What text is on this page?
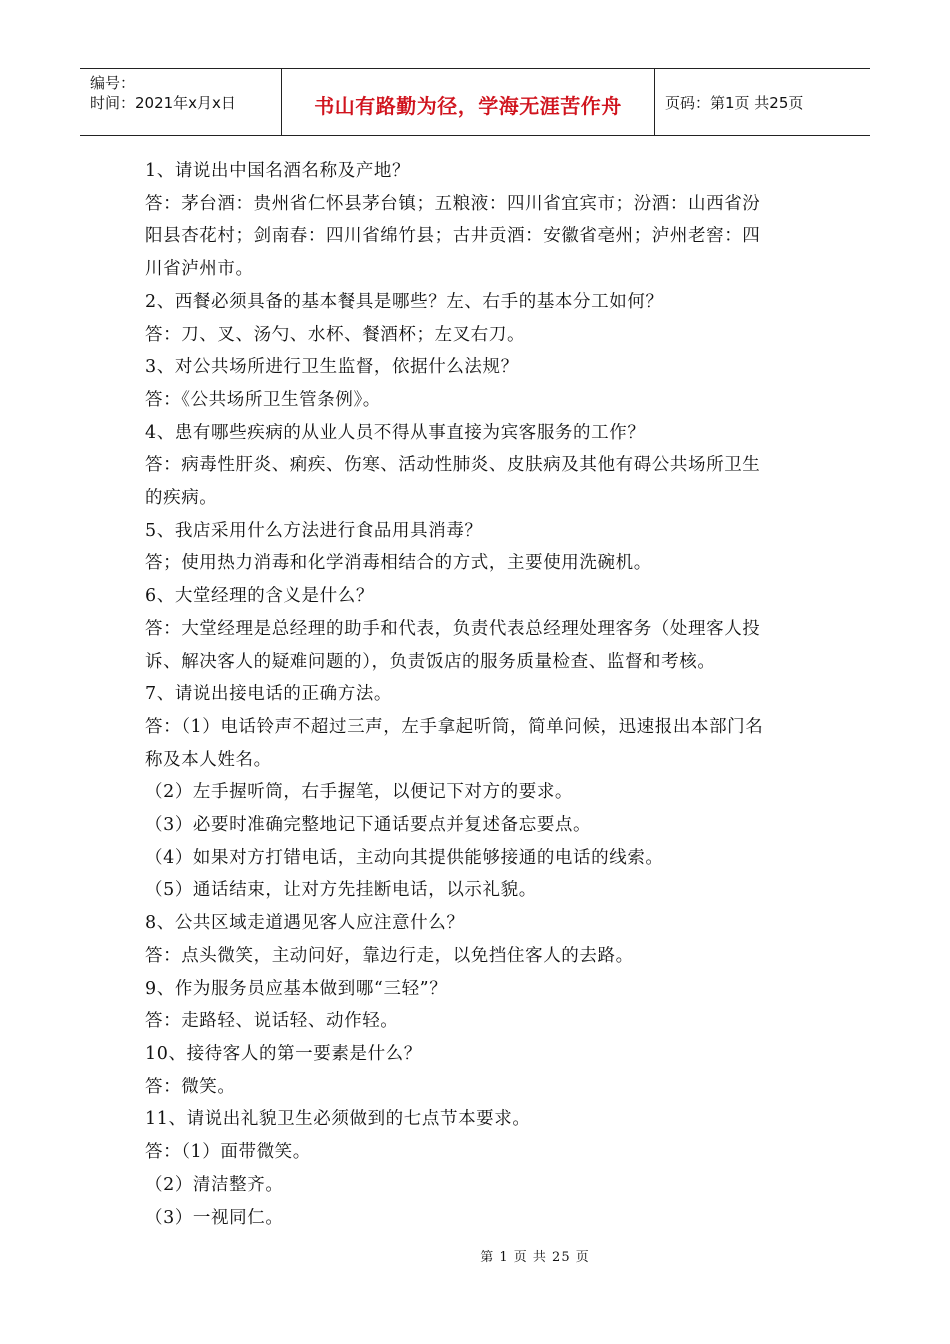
编号：
时间：2021年x月x日	书山有路勤为径，学海无涯苦作舟	页码：第1页 共25页
1、请说出中国名酒名称及产地？
答：茅台酒：贵州省仁怀县茅台镇；五粮液：四川省宜宾市；汾酒：山西省汾
阳县杏花村；剑南春：四川省绵竹县；古井贡酒：安徽省亳州；泸州老窖：四
川省泸州市。
2、西餐必须具备的基本餐具是哪些？左、右手的基本分工如何？
答：刀、叉、汤勺、水杯、餐酒杯；左叉右刀。
3、对公共场所进行卫生监督，依据什么法规？
答：《公共场所卫生管条例》。
4、患有哪些疾病的从业人员不得从事直接为宾客服务的工作？
答：病毒性肝炎、痢疾、伤寒、活动性肺炎、皮肤病及其他有碍公共场所卫生
的疾病。
5、我店采用什么方法进行食品用具消毒？
答；使用热力消毒和化学消毒相结合的方式，主要使用洗碗机。
6、大堂经理的含义是什么？
答：大堂经理是总经理的助手和代表，负责代表总经理处理客务（处理客人投
诉、解决客人的疑难问题的），负责饭店的服务质量检查、监督和考核。
7、请说出接电话的正确方法。
答：（1）电话铃声不超过三声，左手拿起听筒，简单问候，迅速报出本部门名
称及本人姓名。
（2）左手握听筒，右手握笔，以便记下对方的要求。
（3）必要时准确完整地记下通话要点并复述备忘要点。
（4）如果对方打错电话，主动向其提供能够接通的电话的线索。
（5）通话结束，让对方先挂断电话，以示礼貌。
8、公共区域走道遇见客人应注意什么？
答：点头微笑，主动问好，靠边行走，以免挡住客人的去路。
9、作为服务员应基本做到哪“三轻”？
答：走路轻、说话轻、动作轻。
10、接待客人的第一要素是什么？
答：微笑。
11、请说出礼貌卫生必须做到的七点节本要求。
答：（1）面带微笑。
（2）清洁整齐。
（3）一视同仁。
第 1 页 共 25 页
